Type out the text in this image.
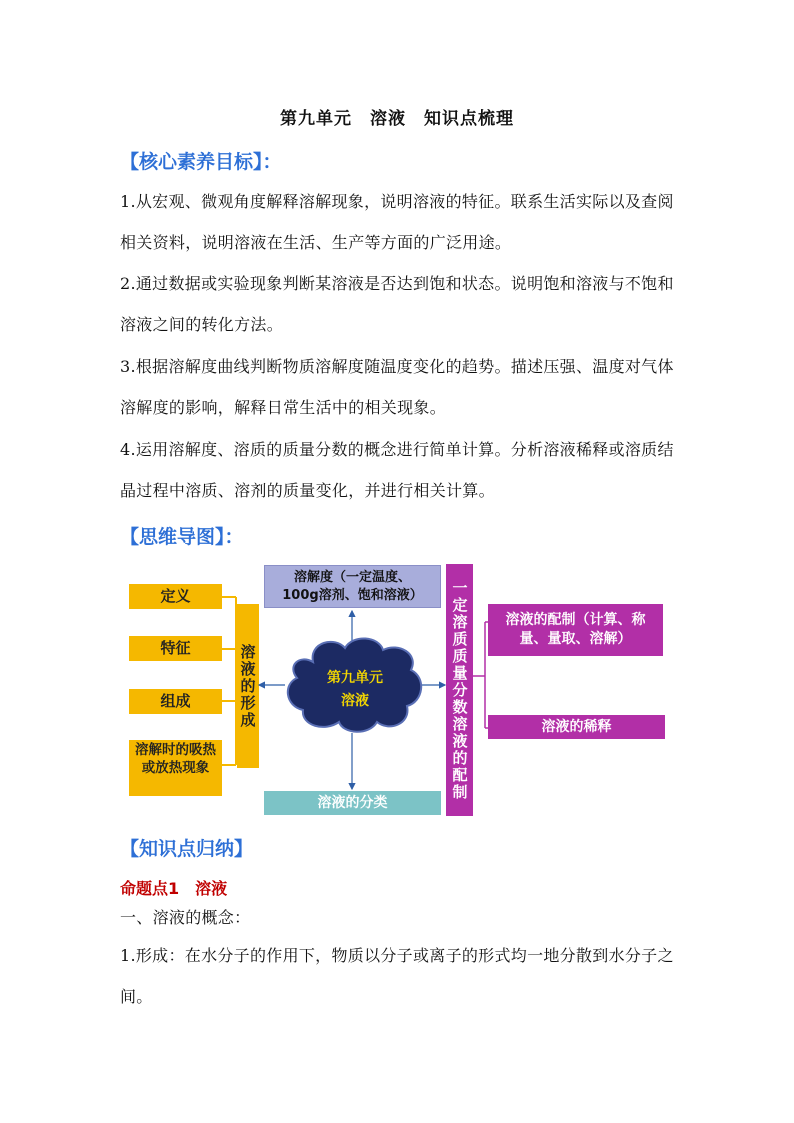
第九单元　溶液　知识点梳理
【核心素养目标】：
1.从宏观、微观角度解释溶解现象，说明溶液的特征。联系生活实际以及查阅相关资料，说明溶液在生活、生产等方面的广泛用途。
2.通过数据或实验现象判断某溶液是否达到饱和状态。说明饱和溶液与不饱和溶液之间的转化方法。
3.根据溶解度曲线判断物质溶解度随温度变化的趋势。描述压强、温度对气体溶解度的影响，解释日常生活中的相关现象。
4.运用溶解度、溶质的质量分数的概念进行简单计算。分析溶液稀释或溶质结晶过程中溶质、溶剂的质量变化，并进行相关计算。
【思维导图】：
定义
特征
组成
溶解时的吸热或放热现象
溶液的形成
溶解度（一定温度、
100g溶剂、饱和溶液）
第九单元
溶液
溶液的分类
一定溶质质量分数溶液的配制	溶液的配制（计算、称
量、量取、溶解）
溶液的稀释
【知识点归纳】
命题点1　溶液
一、溶液的概念：
1.形成：在水分子的作用下，物质以分子或离子的形式均一地分散到水分子之间。
